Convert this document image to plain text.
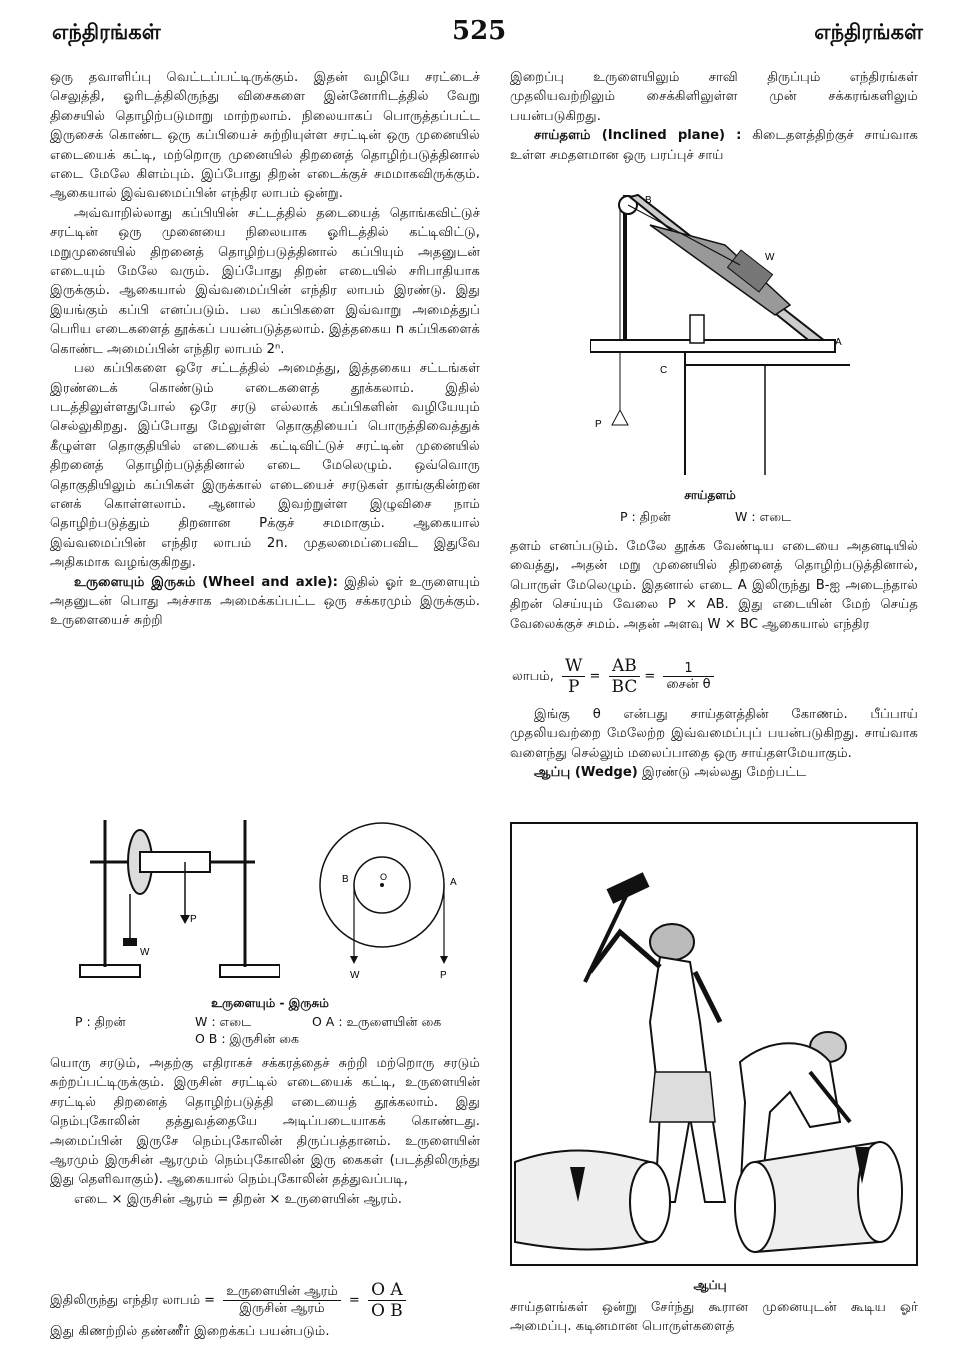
எந்திரங்கள்	525	எந்திரங்கள்

ஒரு தவாளிப்பு வெட்டப்பட்டிருக்கும். இதன் வழியே சரட்டைச் செலுத்தி, ஓரிடத்திலிருந்து விசைகளை இன்னோரிடத்தில் வேறு திசையில் தொழிற்படுமாறு மாற்றலாம். நிலையாகப் பொருத்தப்பட்ட இருசைக் கொண்ட ஒரு கப்பியைச் சுற்றியுள்ள சரட்டின் ஒரு முனையில் எடையைக் கட்டி, மற்றொரு முனையில் திறனைத் தொழிற்படுத்தினால் எடை மேலே கிளம்பும். இப்போது திறன் எடைக்குச் சமமாகவிருக்கும். ஆகையால் இவ்வமைப்பின் எந்திர லாபம் ஒன்று.

அவ்வாறில்லாது கப்பியின் சட்டத்தில் தடையைத் தொங்கவிட்டுச் சரட்டின் ஒரு முனையை நிலையாக ஓரிடத்தில் கட்டிவிட்டு, மறுமுனையில் திறனைத் தொழிற்படுத்தினால் கப்பியும் அதனுடன் எடையும் மேலே வரும். இப்போது திறன் எடையில் சரிபாதியாக இருக்கும். ஆகையால் இவ்வமைப்பின் எந்திர லாபம் இரண்டு. இது இயங்கும் கப்பி எனப்படும். பல கப்பிகளை இவ்வாறு அமைத்துப் பெரிய எடைகளைத் தூக்கப் பயன்படுத்தலாம். இத்தகைய n கப்பிகளைக் கொண்ட அமைப்பின் எந்திர லாபம் 2ⁿ.

பல கப்பிகளை ஒரே சட்டத்தில் அமைத்து, இத்தகைய சட்டங்கள் இரண்டைக் கொண்டும் எடைகளைத் தூக்கலாம். இதில் படத்திலுள்ளதுபோல் ஒரே சரடு எல்லாக் கப்பிகளின் வழியேயும் செல்லுகிறது. இப்போது மேலுள்ள தொகுதியைப் பொருத்திவைத்துக் கீழுள்ள தொகுதியில் எடையைக் கட்டிவிட்டுச் சரட்டின் முனையில் திறனைத் தொழிற்படுத்தினால் எடை மேலெழும். ஒவ்வொரு தொகுதியிலும் கப்பிகள் இருக்கால் எடையைச் சரடுகள் தாங்குகின்றன எனக் கொள்ளலாம். ஆனால் இவற்றுள்ள இழுவிசை நாம் தொழிற்படுத்தும் திறனான Pக்குச் சமமாகும். ஆகையால் இவ்வமைப்பின் எந்திர லாபம் 2n. முதலமைப்பைவிட இதுவே அதிகமாக வழங்குகிறது.

உருளையும் இருசும் (Wheel and axle): இதில் ஓர் உருளையும் அதனுடன் பொது அச்சாக அமைக்கப்பட்ட ஒரு சக்கரமும் இருக்கும். உருளையைச் சுற்றி

P
W
B	O	A
W	P
உருளையும் - இருசும்
P : திறன்	W : எடை	O A : உருளையின் கை
O B : இருசின் கை

யொரு சரடும், அதற்கு எதிராகச் சக்கரத்தைச் சுற்றி மற்றொரு சரடும் சுற்றப்பட்டிருக்கும். இருசின் சரட்டில் எடையைக் கட்டி, உருளையின் சரட்டில் திறனைத் தொழிற்படுத்தி எடையைத் தூக்கலாம். இது நெம்புகோலின் தத்துவத்தையே அடிப்படையாகக் கொண்டது. அமைப்பின் இருசே நெம்புகோலின் திருப்பத்தானம். உருளையின் ஆரமும் இருசின் ஆரமும் நெம்புகோலின் இரு கைகள் (படத்திலிருந்து இது தெளிவாகும்). ஆகையால் நெம்புகோலின் தத்துவப்படி,

எடை × இருசின் ஆரம் = திறன் × உருளையின் ஆரம்.

இதிலிருந்து எந்திர லாபம் = $\frac{\text{உருளையின் ஆரம்}}{\text{இருசின் ஆரம்}} = \frac{\text{O A}}{\text{O B}}$
இது கிணற்றில் தண்ணீர் இறைக்கப் பயன்படும்.

இறைப்பு உருளையிலும் சாவி திருப்பும் எந்திரங்கள் முதலியவற்றிலும் சைக்கிளிலுள்ள முன் சக்கரங்களிலும் பயன்படுகிறது.

சாய்தளம் (Inclined plane) : கிடைதளத்திற்குச் சாய்வாக உள்ள சமதளமான ஒரு பரப்புச் சாய்

B
W
A
C
P
சாய்தளம்
P : திறன்	W : எடை

தளம் எனப்படும். மேலே தூக்க வேண்டிய எடையை அதனடியில் வைத்து, அதன் மறு முனையில் திறனைத் தொழிற்படுத்தினால், பொருள் மேலெழும். இதனால் எடை A இலிருந்து B-ஐ அடைந்தால் திறன் செய்யும் வேலை P × AB. இது எடையின் மேற் செய்த வேலைக்குச் சமம். அதன் அளவு W × BC ஆகையால் எந்திர

லாபம், $\frac{W}{P} = \frac{AB}{BC} = \frac{1}{\text{சைன் θ}}$

இங்கு θ என்பது சாய்தளத்தின் கோணம். பீப்பாய் முதலியவற்றை மேலேற்ற இவ்வமைப்புப் பயன்படுகிறது. சாய்வாக வளைந்து செல்லும் மலைப்பாதை ஒரு சாய்தளமேயாகும்.

ஆப்பு (Wedge) இரண்டு அல்லது மேற்பட்ட

ஆப்பு

சாய்தளங்கள் ஒன்று சேர்ந்து கூரான முனையுடன் கூடிய ஓர் அமைப்பு. கடினமான பொருள்களைத்
